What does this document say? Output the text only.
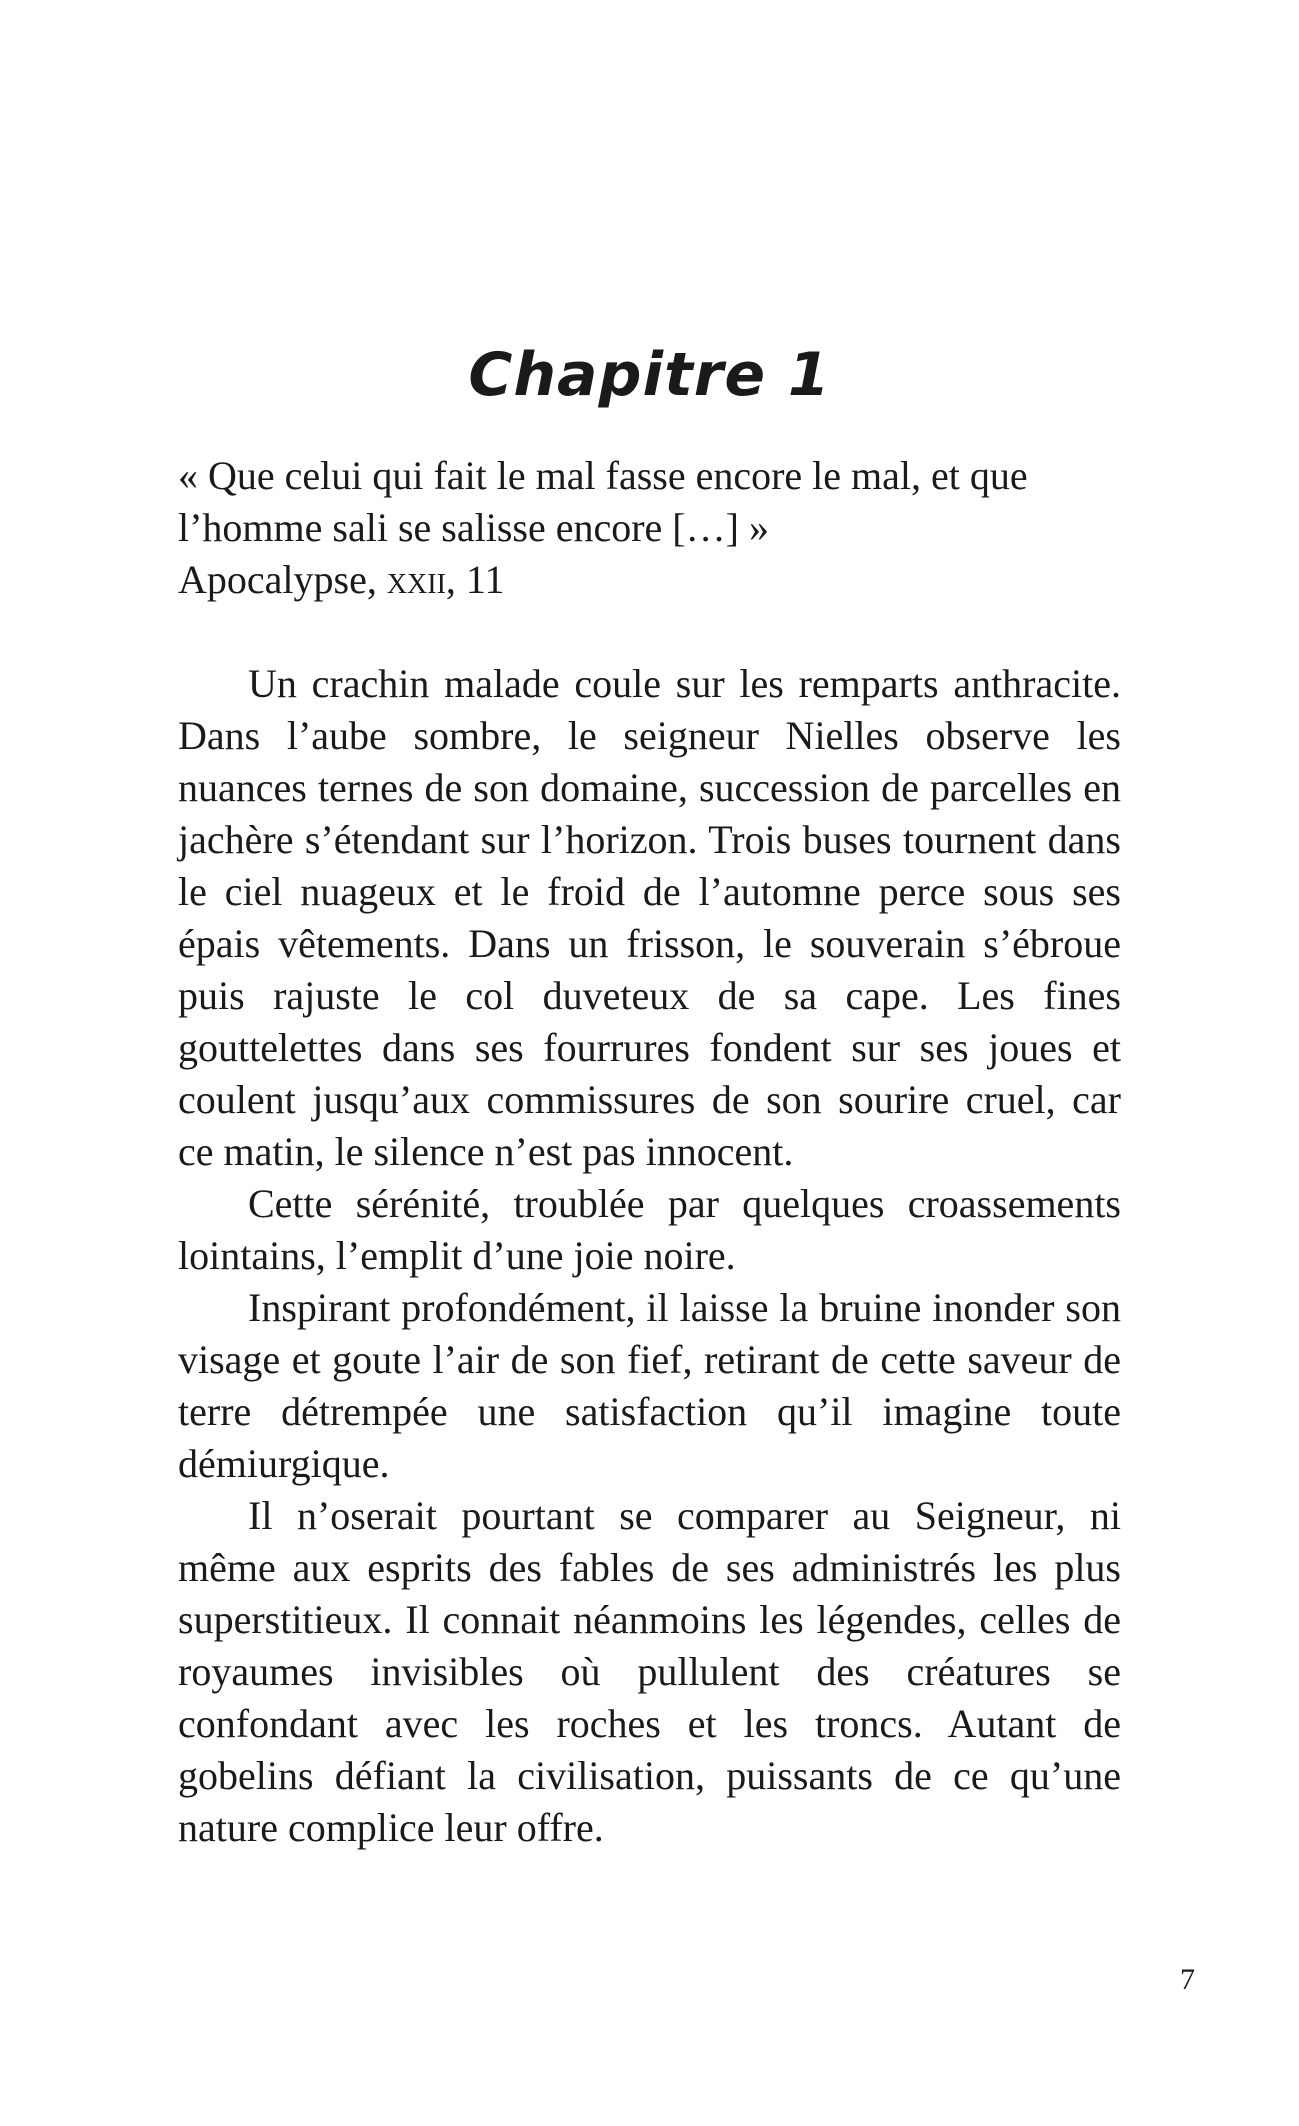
Chapitre 1
« Que celui qui fait le mal fasse encore le mal, et que
l’homme sali se salisse encore […] »
Apocalypse, xxii, 11

Un crachin malade coule sur les remparts anthracite. Dans l’aube sombre, le seigneur Nielles observe les nuances ternes de son domaine, succession de parcelles en jachère s’étendant sur l’horizon. Trois buses tournent dans le ciel nuageux et le froid de l’automne perce sous ses épais vêtements. Dans un frisson, le souverain s’ébroue puis rajuste le col duveteux de sa cape. Les fines gouttelettes dans ses fourrures fondent sur ses joues et coulent jusqu’aux commissures de son sourire cruel, car ce matin, le silence n’est pas innocent.

Cette sérénité, troublée par quelques croassements lointains, l’emplit d’une joie noire.

Inspirant profondément, il laisse la bruine inonder son visage et goute l’air de son fief, retirant de cette saveur de terre détrempée une satisfaction qu’il imagine toute démiurgique.

Il n’oserait pourtant se comparer au Seigneur, ni même aux esprits des fables de ses administrés les plus superstitieux. Il connait néanmoins les légendes, celles de royaumes invisibles où pullulent des créatures se confondant avec les roches et les troncs. Autant de gobelins défiant la civilisation, puissants de ce qu’une nature complice leur offre.

7
